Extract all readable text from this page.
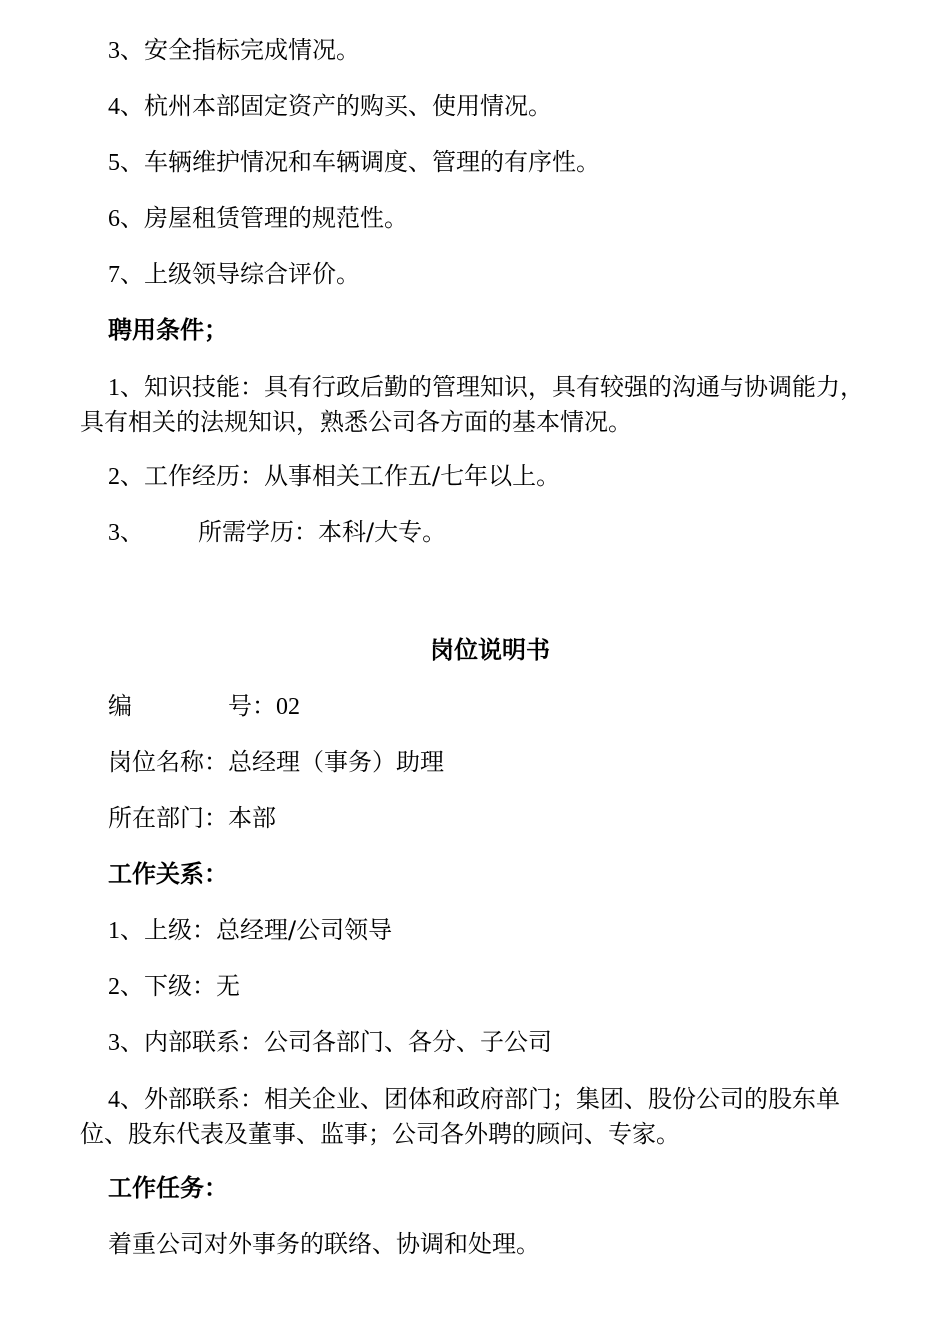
3、安全指标完成情况。
4、杭州本部固定资产的购买、使用情况。
5、车辆维护情况和车辆调度、管理的有序性。
6、房屋租赁管理的规范性。
7、上级领导综合评价。
聘用条件；
1、知识技能：具有行政后勤的管理知识，具有较强的沟通与协调能力，具有相关的法规知识，熟悉公司各方面的基本情况。
2、工作经历：从事相关工作五/七年以上。
3、 所需学历：本科/大专。
岗位说明书
编　　　　号：02
岗位名称：总经理（事务）助理
所在部门：本部
工作关系：
1、上级：总经理/公司领导
2、下级：无
3、内部联系：公司各部门、各分、子公司
4、外部联系：相关企业、团体和政府部门；集团、股份公司的股东单位、股东代表及董事、监事；公司各外聘的顾问、专家。
工作任务：
着重公司对外事务的联络、协调和处理。
